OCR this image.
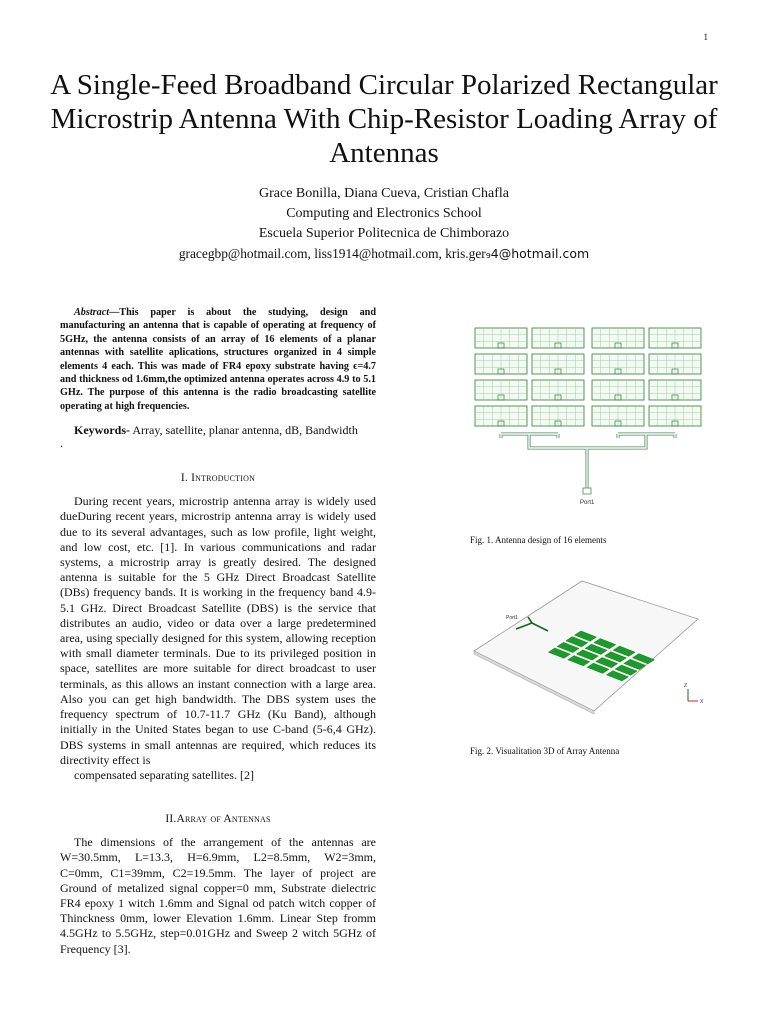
1
A Single-Feed Broadband Circular Polarized Rectangular Microstrip Antenna With Chip-Resistor Loading Array of Antennas
Grace Bonilla, Diana Cueva, Cristian Chafla
Computing and Electronics School
Escuela Superior Politecnica de Chimborazo
gracegbp@hotmail.com, liss1914@hotmail.com, kris.ger₉4@hotmail.com

Abstract—This paper is about the studying, design and manufacturing an antenna that is capable of operating at frequency of 5GHz, the antenna consists of an array of 16 elements of a planar antennas with satellite aplications, structures organized in 4 simple elements 4 each. This was made of FR4 epoxy substrate having ϵ=4.7 and thickness od 1.6mm,the optimized antenna operates across 4.9 to 5.1 GHz. The purpose of this antenna is the radio broadcasting satellite operating at high frequencies.

Keywords- Array, satellite, planar antenna, dB, Bandwidth

.

I. Introduction

During recent years, microstrip antenna array is widely used dueDuring recent years, microstrip antenna array is widely used due to its several advantages, such as low profile, light weight, and low cost, etc. [1]. In various communications and radar systems, a microstrip array is greatly desired. The designed antenna is suitable for the 5 GHz Direct Broadcast Satellite (DBs) frequency bands. It is working in the frequency band 4.9-5.1 GHz. Direct Broadcast Satellite (DBS) is the service that distributes an audio, video or data over a large predetermined area, using specially designed for this system, allowing reception with small diameter terminals. Due to its privileged position in space, satellites are more suitable for direct broadcast to user terminals, as this allows an instant connection with a large area. Also you can get high bandwidth. The DBS system uses the frequency spectrum of 10.7-11.7 GHz (Ku Band), although initially in the United States began to use C-band (5-6,4 GHz). DBS systems in small antennas are required, which reduces its directivity effect is
compensated separating satellites. [2]

II.Array of Antennas

The dimensions of the arrangement of the antennas are W=30.5mm, L=13.3, H=6.9mm, L2=8.5mm, W2=3mm, C=0mm, C1=39mm, C2=19.5mm. The layer of project are Ground of metalized signal copper=0 mm, Substrate dielectric FR4 epoxy 1 witch 1.6mm and Signal od patch witch copper of Thinckness 0mm, lower Elevation 1.6mm. Linear Step fromm 4.5GHz to 5.5GHz, step=0.01GHz and Sweep 2 witch 5GHz of Frequency [3].

Port1

Fig. 1. Antenna design of 16 elements

Port1
Z
X

Fig. 2. Visualitation 3D of Array Antenna
